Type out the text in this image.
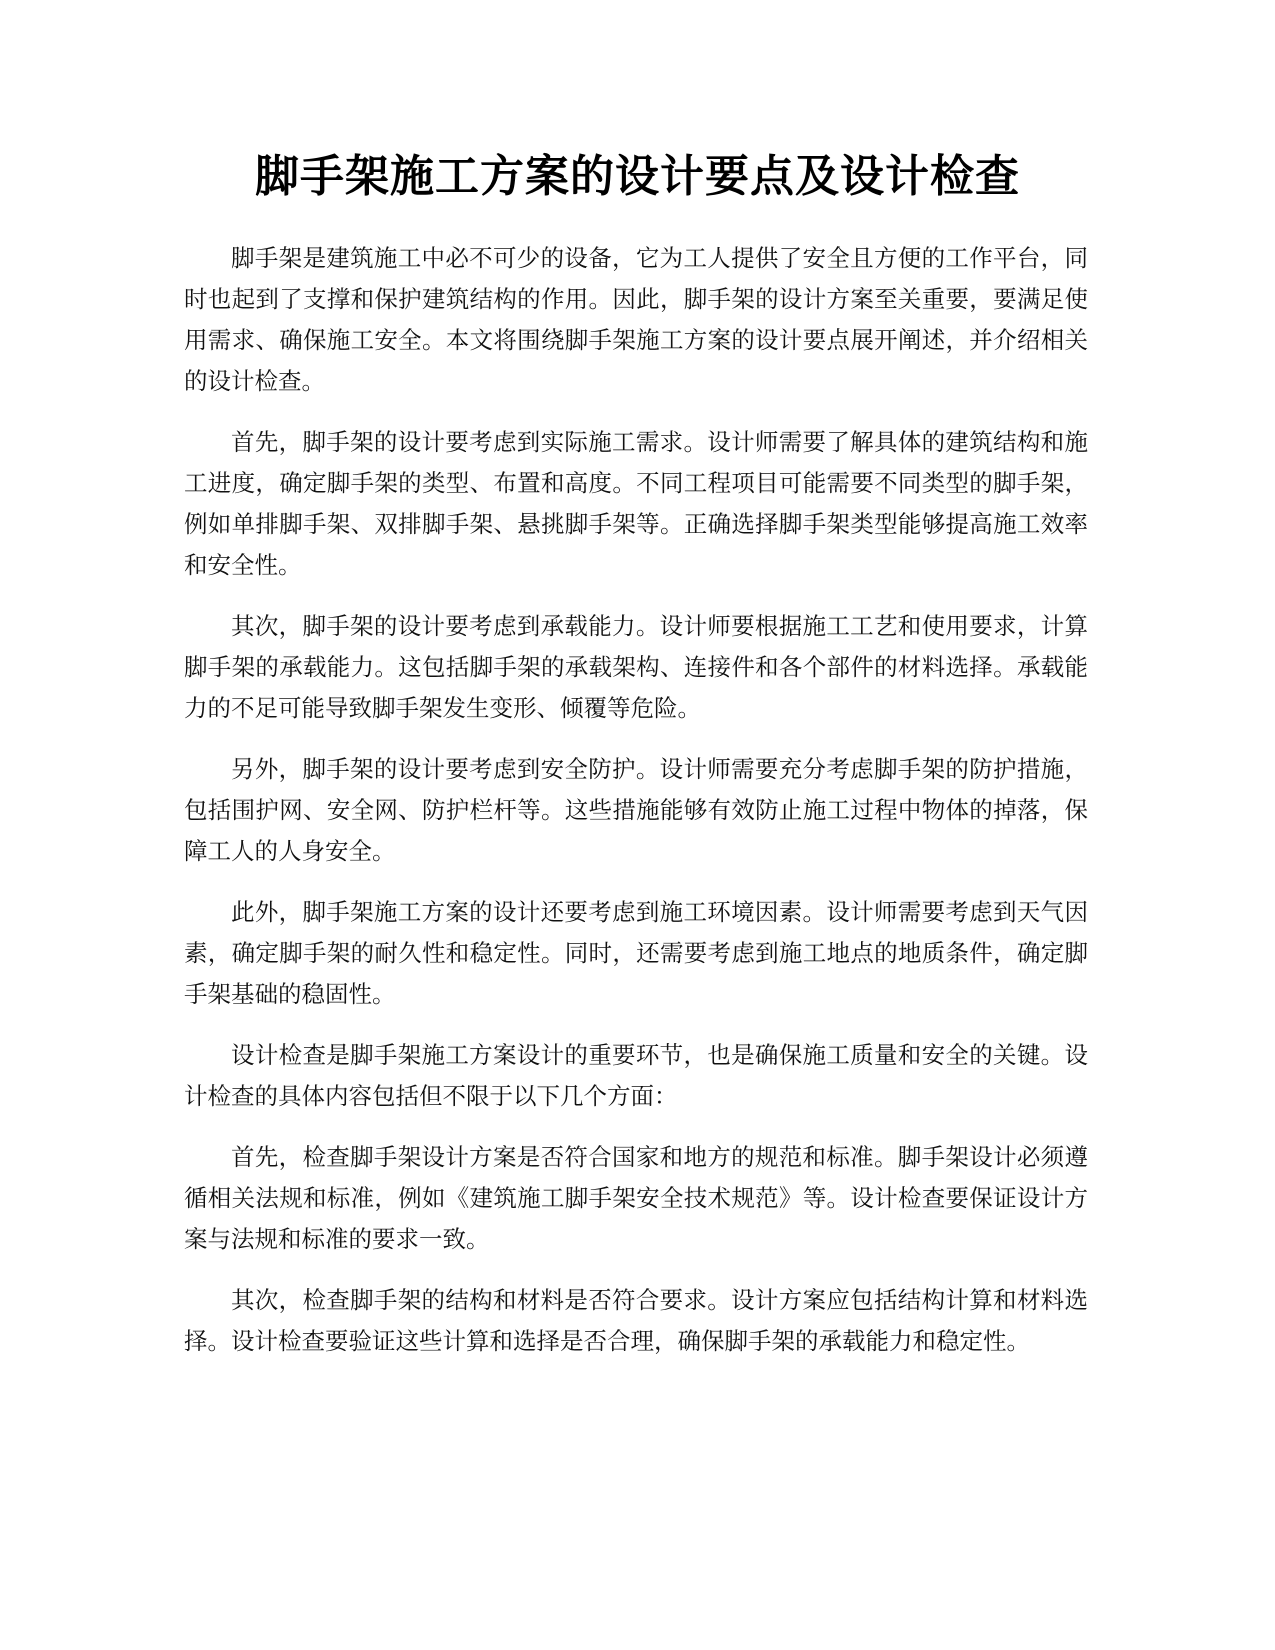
脚手架施工方案的设计要点及设计检查

脚手架是建筑施工中必不可少的设备，它为工人提供了安全且方便的工作平台，同时也起到了支撑和保护建筑结构的作用。因此，脚手架的设计方案至关重要，要满足使用需求、确保施工安全。本文将围绕脚手架施工方案的设计要点展开阐述，并介绍相关的设计检查。

首先，脚手架的设计要考虑到实际施工需求。设计师需要了解具体的建筑结构和施工进度，确定脚手架的类型、布置和高度。不同工程项目可能需要不同类型的脚手架，例如单排脚手架、双排脚手架、悬挑脚手架等。正确选择脚手架类型能够提高施工效率和安全性。

其次，脚手架的设计要考虑到承载能力。设计师要根据施工工艺和使用要求，计算脚手架的承载能力。这包括脚手架的承载架构、连接件和各个部件的材料选择。承载能力的不足可能导致脚手架发生变形、倾覆等危险。

另外，脚手架的设计要考虑到安全防护。设计师需要充分考虑脚手架的防护措施，包括围护网、安全网、防护栏杆等。这些措施能够有效防止施工过程中物体的掉落，保障工人的人身安全。

此外，脚手架施工方案的设计还要考虑到施工环境因素。设计师需要考虑到天气因素，确定脚手架的耐久性和稳定性。同时，还需要考虑到施工地点的地质条件，确定脚手架基础的稳固性。

设计检查是脚手架施工方案设计的重要环节，也是确保施工质量和安全的关键。设计检查的具体内容包括但不限于以下几个方面：

首先，检查脚手架设计方案是否符合国家和地方的规范和标准。脚手架设计必须遵循相关法规和标准，例如《建筑施工脚手架安全技术规范》等。设计检查要保证设计方案与法规和标准的要求一致。

其次，检查脚手架的结构和材料是否符合要求。设计方案应包括结构计算和材料选择。设计检查要验证这些计算和选择是否合理，确保脚手架的承载能力和稳定性。
